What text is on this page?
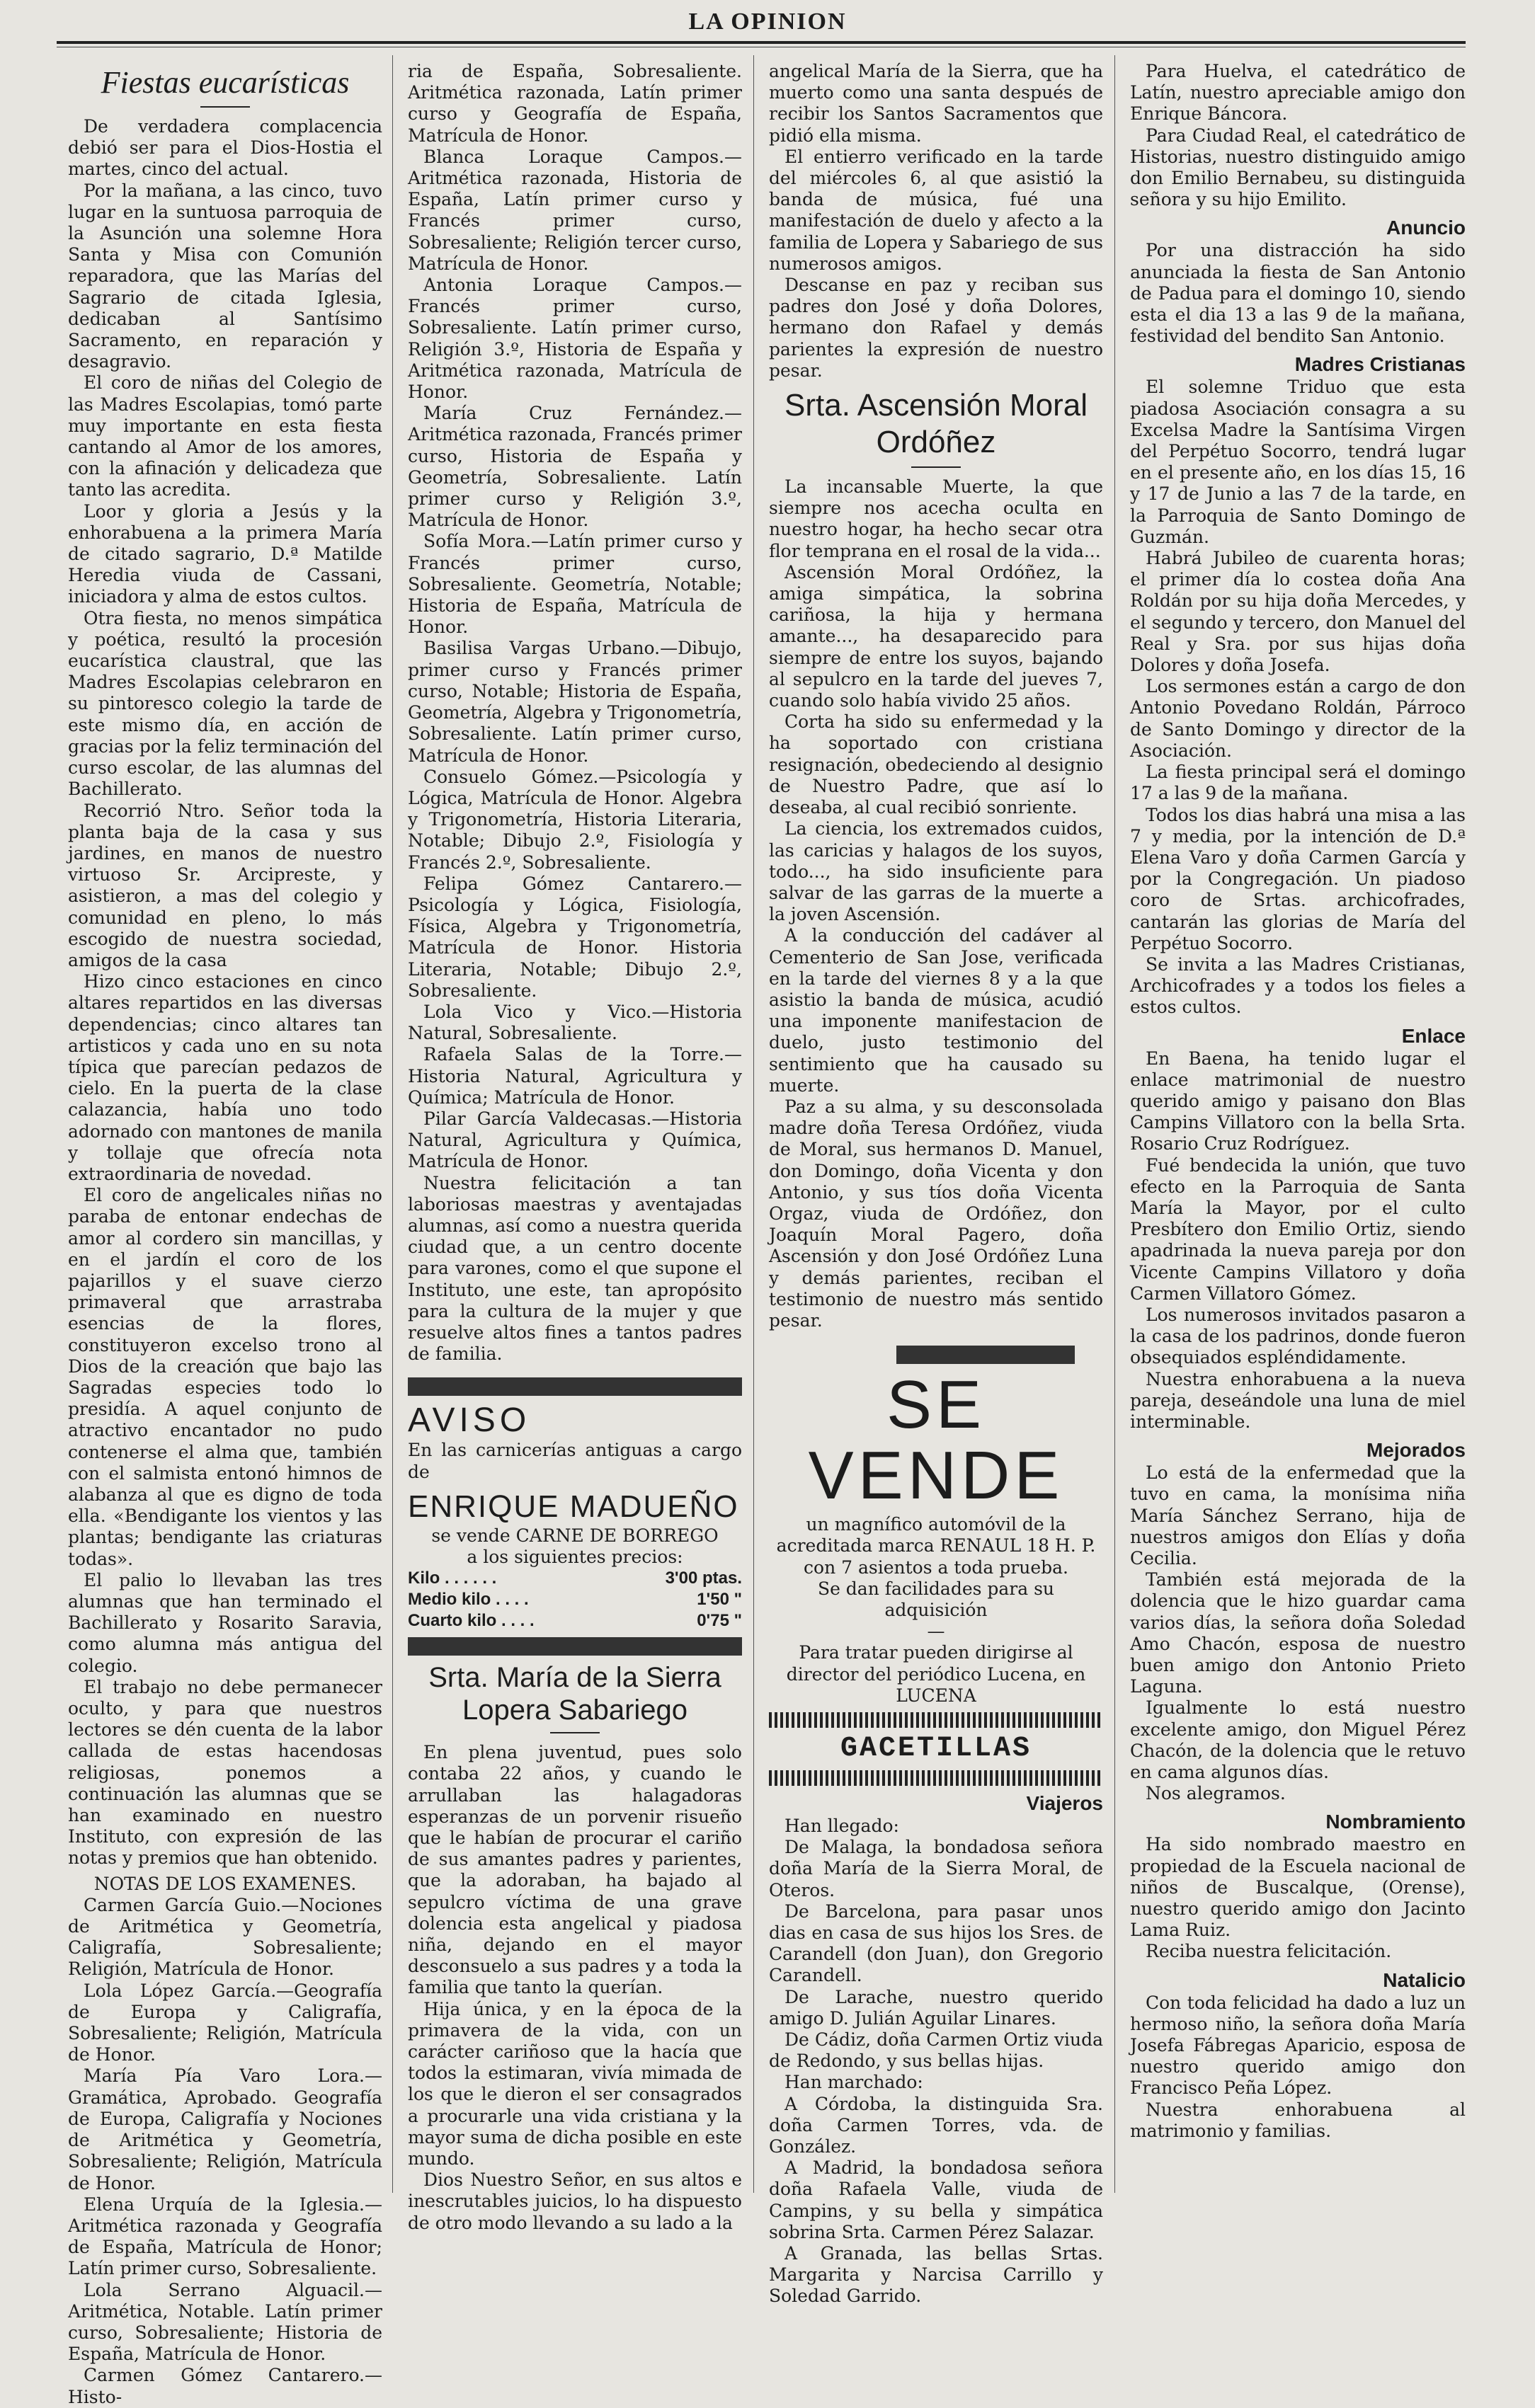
LA OPINION
Fiestas eucarísticas

De verdadera complacencia debió ser para el Dios-Hostia el martes, cinco del actual.

Por la mañana, a las cinco, tuvo lugar en la suntuosa parroquia de la Asunción una solemne Hora Santa y Misa con Comunión reparadora, que las Marías del Sagrario de citada Iglesia, dedicaban al Santísimo Sacramento, en reparación y desagravio.

El coro de niñas del Colegio de las Madres Escolapias, tomó parte muy importante en esta fiesta cantando al Amor de los amores, con la afinación y delicadeza que tanto las acredita.

Loor y gloria a Jesús y la enhorabuena a la primera María de citado sagrario, D.ª Matilde Heredia viuda de Cassani, iniciadora y alma de estos cultos.

Otra fiesta, no menos simpática y poética, resultó la procesión eucarística claustral, que las Madres Escolapias celebraron en su pintoresco colegio la tarde de este mismo día, en acción de gracias por la feliz terminación del curso escolar, de las alumnas del Bachillerato.

Recorrió Ntro. Señor toda la planta baja de la casa y sus jardines, en manos de nuestro virtuoso Sr. Arcipreste, y asistieron, a mas del colegio y comunidad en pleno, lo más escogido de nuestra sociedad, amigos de la casa

Hizo cinco estaciones en cinco altares repartidos en las diversas dependencias; cinco altares tan artisticos y cada uno en su nota típica que parecían pedazos de cielo. En la puerta de la clase calazancia, había uno todo adornado con mantones de manila y tollaje que ofrecía nota extraordinaria de novedad.

El coro de angelicales niñas no paraba de entonar endechas de amor al cordero sin mancillas, y en el jardín el coro de los pajarillos y el suave cierzo primaveral que arrastraba esencias de la flores, constituyeron excelso trono al Dios de la creación que bajo las Sagradas especies todo lo presidía. A aquel conjunto de atractivo encantador no pudo contenerse el alma que, también con el salmista entonó himnos de alabanza al que es digno de toda ella. «Bendigante los vientos y las plantas; bendigante las criaturas todas».

El palio lo llevaban las tres alumnas que han terminado el Bachillerato y Rosarito Saravia, como alumna más antigua del colegio.

El trabajo no debe permanecer oculto, y para que nuestros lectores se dén cuenta de la labor callada de estas hacendosas religiosas, ponemos a continuación las alumnas que se han examinado en nuestro Instituto, con expresión de las notas y premios que han obtenido.

NOTAS DE LOS EXAMENES.

Carmen García Guio.—Nociones de Aritmética y Geometría, Caligrafía, Sobresaliente; Religión, Matrícula de Honor.

Lola López García.—Geografía de Europa y Caligrafía, Sobresaliente; Religión, Matrícula de Honor.

María Pía Varo Lora.—Gramática, Aprobado. Geografía de Europa, Caligrafía y Nociones de Aritmética y Geometría, Sobresaliente; Religión, Matrícula de Honor.

Elena Urquía de la Iglesia.—Aritmética razonada y Geografía de España, Matrícula de Honor; Latín primer curso, Sobresaliente.

Lola Serrano Alguacil.—Aritmética, Notable. Latín primer curso, Sobresaliente; Historia de España, Matrícula de Honor.

Carmen Gómez Cantarero.—Histo-

ria de España, Sobresaliente. Aritmética razonada, Latín primer curso y Geografía de España, Matrícula de Honor.

Blanca Loraque Campos.—Aritmética razonada, Historia de España, Latín primer curso y Francés primer curso, Sobresaliente; Religión tercer curso, Matrícula de Honor.

Antonia Loraque Campos.—Francés primer curso, Sobresaliente. Latín primer curso, Religión 3.º, Historia de España y Aritmética razonada, Matrícula de Honor.

María Cruz Fernández.—Aritmética razonada, Francés primer curso, Historia de España y Geometría, Sobresaliente. Latín primer curso y Religión 3.º, Matrícula de Honor.

Sofía Mora.—Latín primer curso y Francés primer curso, Sobresaliente. Geometría, Notable; Historia de España, Matrícula de Honor.

Basilisa Vargas Urbano.—Dibujo, primer curso y Francés primer curso, Notable; Historia de España, Geometría, Algebra y Trigonometría, Sobresaliente. Latín primer curso, Matrícula de Honor.

Consuelo Gómez.—Psicología y Lógica, Matrícula de Honor. Algebra y Trigonometría, Historia Literaria, Notable; Dibujo 2.º, Fisiología y Francés 2.º, Sobresaliente.

Felipa Gómez Cantarero.—Psicología y Lógica, Fisiología, Física, Algebra y Trigonometría, Matrícula de Honor. Historia Literaria, Notable; Dibujo 2.º, Sobresaliente.

Lola Vico y Vico.—Historia Natural, Sobresaliente.

Rafaela Salas de la Torre.—Historia Natural, Agricultura y Química; Matrícula de Honor.

Pilar García Valdecasas.—Historia Natural, Agricultura y Química, Matrícula de Honor.

Nuestra felicitación a tan laboriosas maestras y aventajadas alumnas, así como a nuestra querida ciudad que, a un centro docente para varones, como el que supone el Instituto, une este, tan apropósito para la cultura de la mujer y que resuelve altos fines a tantos padres de familia.

AVISO

En las carnicerías antiguas a cargo de

ENRIQUE MADUEÑO

se vende CARNE DE BORREGO

a los siguientes precios:

Kilo . . . . . .	3'00 ptas.
Medio kilo . . . .	1'50 "
Cuarto kilo . . . .	0'75 "
Srta. María de la Sierra Lopera Sabariego

En plena juventud, pues solo contaba 22 años, y cuando le arrullaban las halagadoras esperanzas de un porvenir risueño que le habían de procurar el cariño de sus amantes padres y parientes, que la adoraban, ha bajado al sepulcro víctima de una grave dolencia esta angelical y piadosa niña, dejando en el mayor desconsuelo a sus padres y a toda la familia que tanto la querían.

Hija única, y en la época de la primavera de la vida, con un carácter cariñoso que la hacía que todos la estimaran, vivía mimada de los que le dieron el ser consagrados a procurarle una vida cristiana y la mayor suma de dicha posible en este mundo.

Dios Nuestro Señor, en sus altos e inescrutables juicios, lo ha dispuesto de otro modo llevando a su lado a la

angelical María de la Sierra, que ha muerto como una santa después de recibir los Santos Sacramentos que pidió ella misma.

El entierro verificado en la tarde del miércoles 6, al que asistió la banda de música, fué una manifestación de duelo y afecto a la familia de Lopera y Sabariego de sus numerosos amigos.

Descanse en paz y reciban sus padres don José y doña Dolores, hermano don Rafael y demás parientes la expresión de nuestro pesar.

Srta. Ascensión Moral Ordóñez

La incansable Muerte, la que siempre nos acecha oculta en nuestro hogar, ha hecho secar otra flor temprana en el rosal de la vida...

Ascensión Moral Ordóñez, la amiga simpática, la sobrina cariñosa, la hija y hermana amante..., ha desaparecido para siempre de entre los suyos, bajando al sepulcro en la tarde del jueves 7, cuando solo había vivido 25 años.

Corta ha sido su enfermedad y la ha soportado con cristiana resignación, obedeciendo al designio de Nuestro Padre, que así lo deseaba, al cual recibió sonriente.

La ciencia, los extremados cuidos, las caricias y halagos de los suyos, todo..., ha sido insuficiente para salvar de las garras de la muerte a la joven Ascensión.

A la conducción del cadáver al Cementerio de San Jose, verificada en la tarde del viernes 8 y a la que asistio la banda de música, acudió una imponente manifestacion de duelo, justo testimonio del sentimiento que ha causado su muerte.

Paz a su alma, y su desconsolada madre doña Teresa Ordóñez, viuda de Moral, sus hermanos D. Manuel, don Domingo, doña Vicenta y don Antonio, y sus tíos doña Vicenta Orgaz, viuda de Ordóñez, don Joaquín Moral Pagero, doña Ascensión y don José Ordóñez Luna y demás parientes, reciban el testimonio de nuestro más sentido pesar.

SE VENDE

un magnífico automóvil de la acreditada marca RENAUL 18 H. P. con 7 asientos a toda prueba.

Se dan facilidades para su adquisición

—

Para tratar pueden dirigirse al director del periódico Lucena, en LUCENA

GACETILLAS
Viajeros

Han llegado:

De Malaga, la bondadosa señora doña María de la Sierra Moral, de Oteros.

De Barcelona, para pasar unos dias en casa de sus hijos los Sres. de Carandell (don Juan), don Gregorio Carandell.

De Larache, nuestro querido amigo D. Julián Aguilar Linares.

De Cádiz, doña Carmen Ortiz viuda de Redondo, y sus bellas hijas.

Han marchado:

A Córdoba, la distinguida Sra. doña Carmen Torres, vda. de González.

A Madrid, la bondadosa señora doña Rafaela Valle, viuda de Campins, y su bella y simpática sobrina Srta. Carmen Pérez Salazar.

A Granada, las bellas Srtas. Margarita y Narcisa Carrillo y Soledad Garrido.

Para Huelva, el catedrático de Latín, nuestro apreciable amigo don Enrique Báncora.

Para Ciudad Real, el catedrático de Historias, nuestro distinguido amigo don Emilio Bernabeu, su distinguida señora y su hijo Emilito.

Anuncio

Por una distracción ha sido anunciada la fiesta de San Antonio de Padua para el domingo 10, siendo esta el dia 13 a las 9 de la mañana, festividad del bendito San Antonio.

Madres Cristianas

El solemne Triduo que esta piadosa Asociación consagra a su Excelsa Madre la Santísima Virgen del Perpétuo Socorro, tendrá lugar en el presente año, en los días 15, 16 y 17 de Junio a las 7 de la tarde, en la Parroquia de Santo Domingo de Guzmán.

Habrá Jubileo de cuarenta horas; el primer día lo costea doña Ana Roldán por su hija doña Mercedes, y el segundo y tercero, don Manuel del Real y Sra. por sus hijas doña Dolores y doña Josefa.

Los sermones están a cargo de don Antonio Povedano Roldán, Párroco de Santo Domingo y director de la Asociación.

La fiesta principal será el domingo 17 a las 9 de la mañana.

Todos los dias habrá una misa a las 7 y media, por la intención de D.ª Elena Varo y doña Carmen García y por la Congregación. Un piadoso coro de Srtas. archicofrades, cantarán las glorias de María del Perpétuo Socorro.

Se invita a las Madres Cristianas, Archicofrades y a todos los fieles a estos cultos.

Enlace

En Baena, ha tenido lugar el enlace matrimonial de nuestro querido amigo y paisano don Blas Campins Villatoro con la bella Srta. Rosario Cruz Rodríguez.

Fué bendecida la unión, que tuvo efecto en la Parroquia de Santa María la Mayor, por el culto Presbítero don Emilio Ortiz, siendo apadrinada la nueva pareja por don Vicente Campins Villatoro y doña Carmen Villatoro Gómez.

Los numerosos invitados pasaron a la casa de los padrinos, donde fueron obsequiados espléndidamente.

Nuestra enhorabuena a la nueva pareja, deseándole una luna de miel interminable.

Mejorados

Lo está de la enfermedad que la tuvo en cama, la monísima niña María Sánchez Serrano, hija de nuestros amigos don Elías y doña Cecilia.

También está mejorada de la dolencia que le hizo guardar cama varios días, la señora doña Soledad Amo Chacón, esposa de nuestro buen amigo don Antonio Prieto Laguna.

Igualmente lo está nuestro excelente amigo, don Miguel Pérez Chacón, de la dolencia que le retuvo en cama algunos días.

Nos alegramos.

Nombramiento

Ha sido nombrado maestro en propiedad de la Escuela nacional de niños de Buscalque, (Orense), nuestro querido amigo don Jacinto Lama Ruiz.

Reciba nuestra felicitación.

Natalicio

Con toda felicidad ha dado a luz un hermoso niño, la señora doña María Josefa Fábregas Aparicio, esposa de nuestro querido amigo don Francisco Peña López.

Nuestra enhorabuena al matrimonio y familias.
